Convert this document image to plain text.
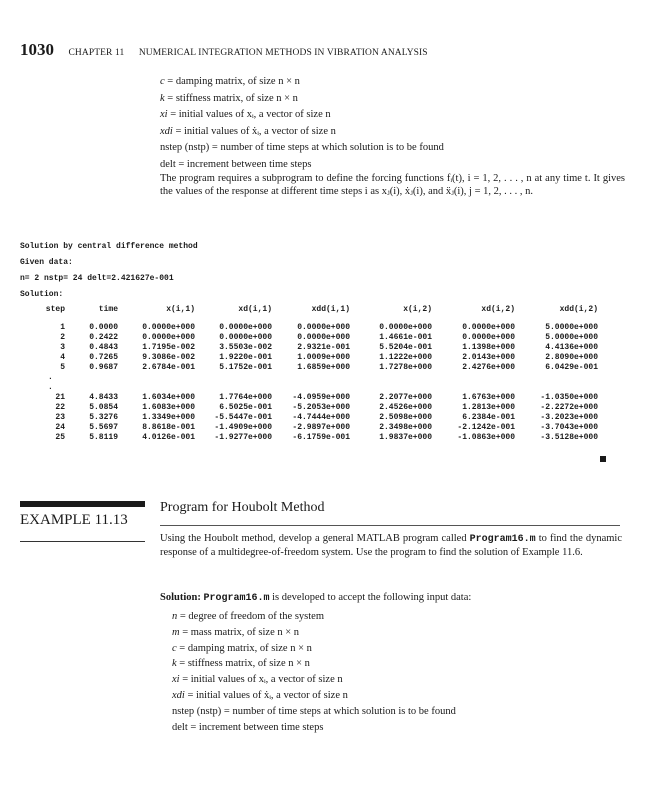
1030 CHAPTER 11 NUMERICAL INTEGRATION METHODS IN VIBRATION ANALYSIS
c = damping matrix, of size n × n
k = stiffness matrix, of size n × n
xi = initial values of xᵢ, a vector of size n
xdi = initial values of ẋᵢ, a vector of size n
nstep (nstp) = number of time steps at which solution is to be found
delt = increment between time steps
The program requires a subprogram to define the forcing functions fᵢ(t), i = 1, 2, . . . , n at any time t. It gives the values of the response at different time steps i as xⱼ(i), ẋⱼ(i), and ẍⱼ(i), j = 1, 2, . . . , n.
Solution by central difference method
Given data:
n= 2 nstp= 24 delt=2.421627e-001
Solution:
step	time	x(i,1)	xd(i,1)	xdd(i,1)	x(i,2)	xd(i,2)	xdd(i,2)
1	0.0000	0.0000e+000	0.0000e+000	0.0000e+000	0.0000e+000	0.0000e+000	5.0000e+000
2	0.2422	0.0000e+000	0.0000e+000	0.0000e+000	1.4661e-001	0.0000e+000	5.0000e+000
3	0.4843	1.7195e-002	3.5503e-002	2.9321e-001	5.5204e-001	1.1398e+000	4.4136e+000
4	0.7265	9.3086e-002	1.9220e-001	1.0009e+000	1.1222e+000	2.0143e+000	2.8090e+000
5	0.9687	2.6784e-001	5.1752e-001	1.6859e+000	1.7278e+000	2.4276e+000	6.0429e-001
.							
.							
21	4.8433	1.6034e+000	1.7764e+000	-4.0959e+000	2.2077e+000	1.6763e+000	-1.0350e+000
22	5.0854	1.6083e+000	6.5025e-001	-5.2053e+000	2.4526e+000	1.2813e+000	-2.2272e+000
23	5.3276	1.3349e+000	-5.5447e-001	-4.7444e+000	2.5098e+000	6.2384e-001	-3.2023e+000
24	5.5697	8.8618e-001	-1.4909e+000	-2.9897e+000	2.3498e+000	-2.1242e-001	-3.7043e+000
25	5.8119	4.0126e-001	-1.9277e+000	-6.1759e-001	1.9837e+000	-1.0863e+000	-3.5128e+000
EXAMPLE 11.13
Program for Houbolt Method
Using the Houbolt method, develop a general MATLAB program called Program16.m to find the dynamic response of a multidegree-of-freedom system. Use the program to find the solution of Example 11.6.
Solution: Program16.m is developed to accept the following input data:
n = degree of freedom of the system
m = mass matrix, of size n × n
c = damping matrix, of size n × n
k = stiffness matrix, of size n × n
xi = initial values of xᵢ, a vector of size n
xdi = initial values of ẋᵢ, a vector of size n
nstep (nstp) = number of time steps at which solution is to be found
delt = increment between time steps
